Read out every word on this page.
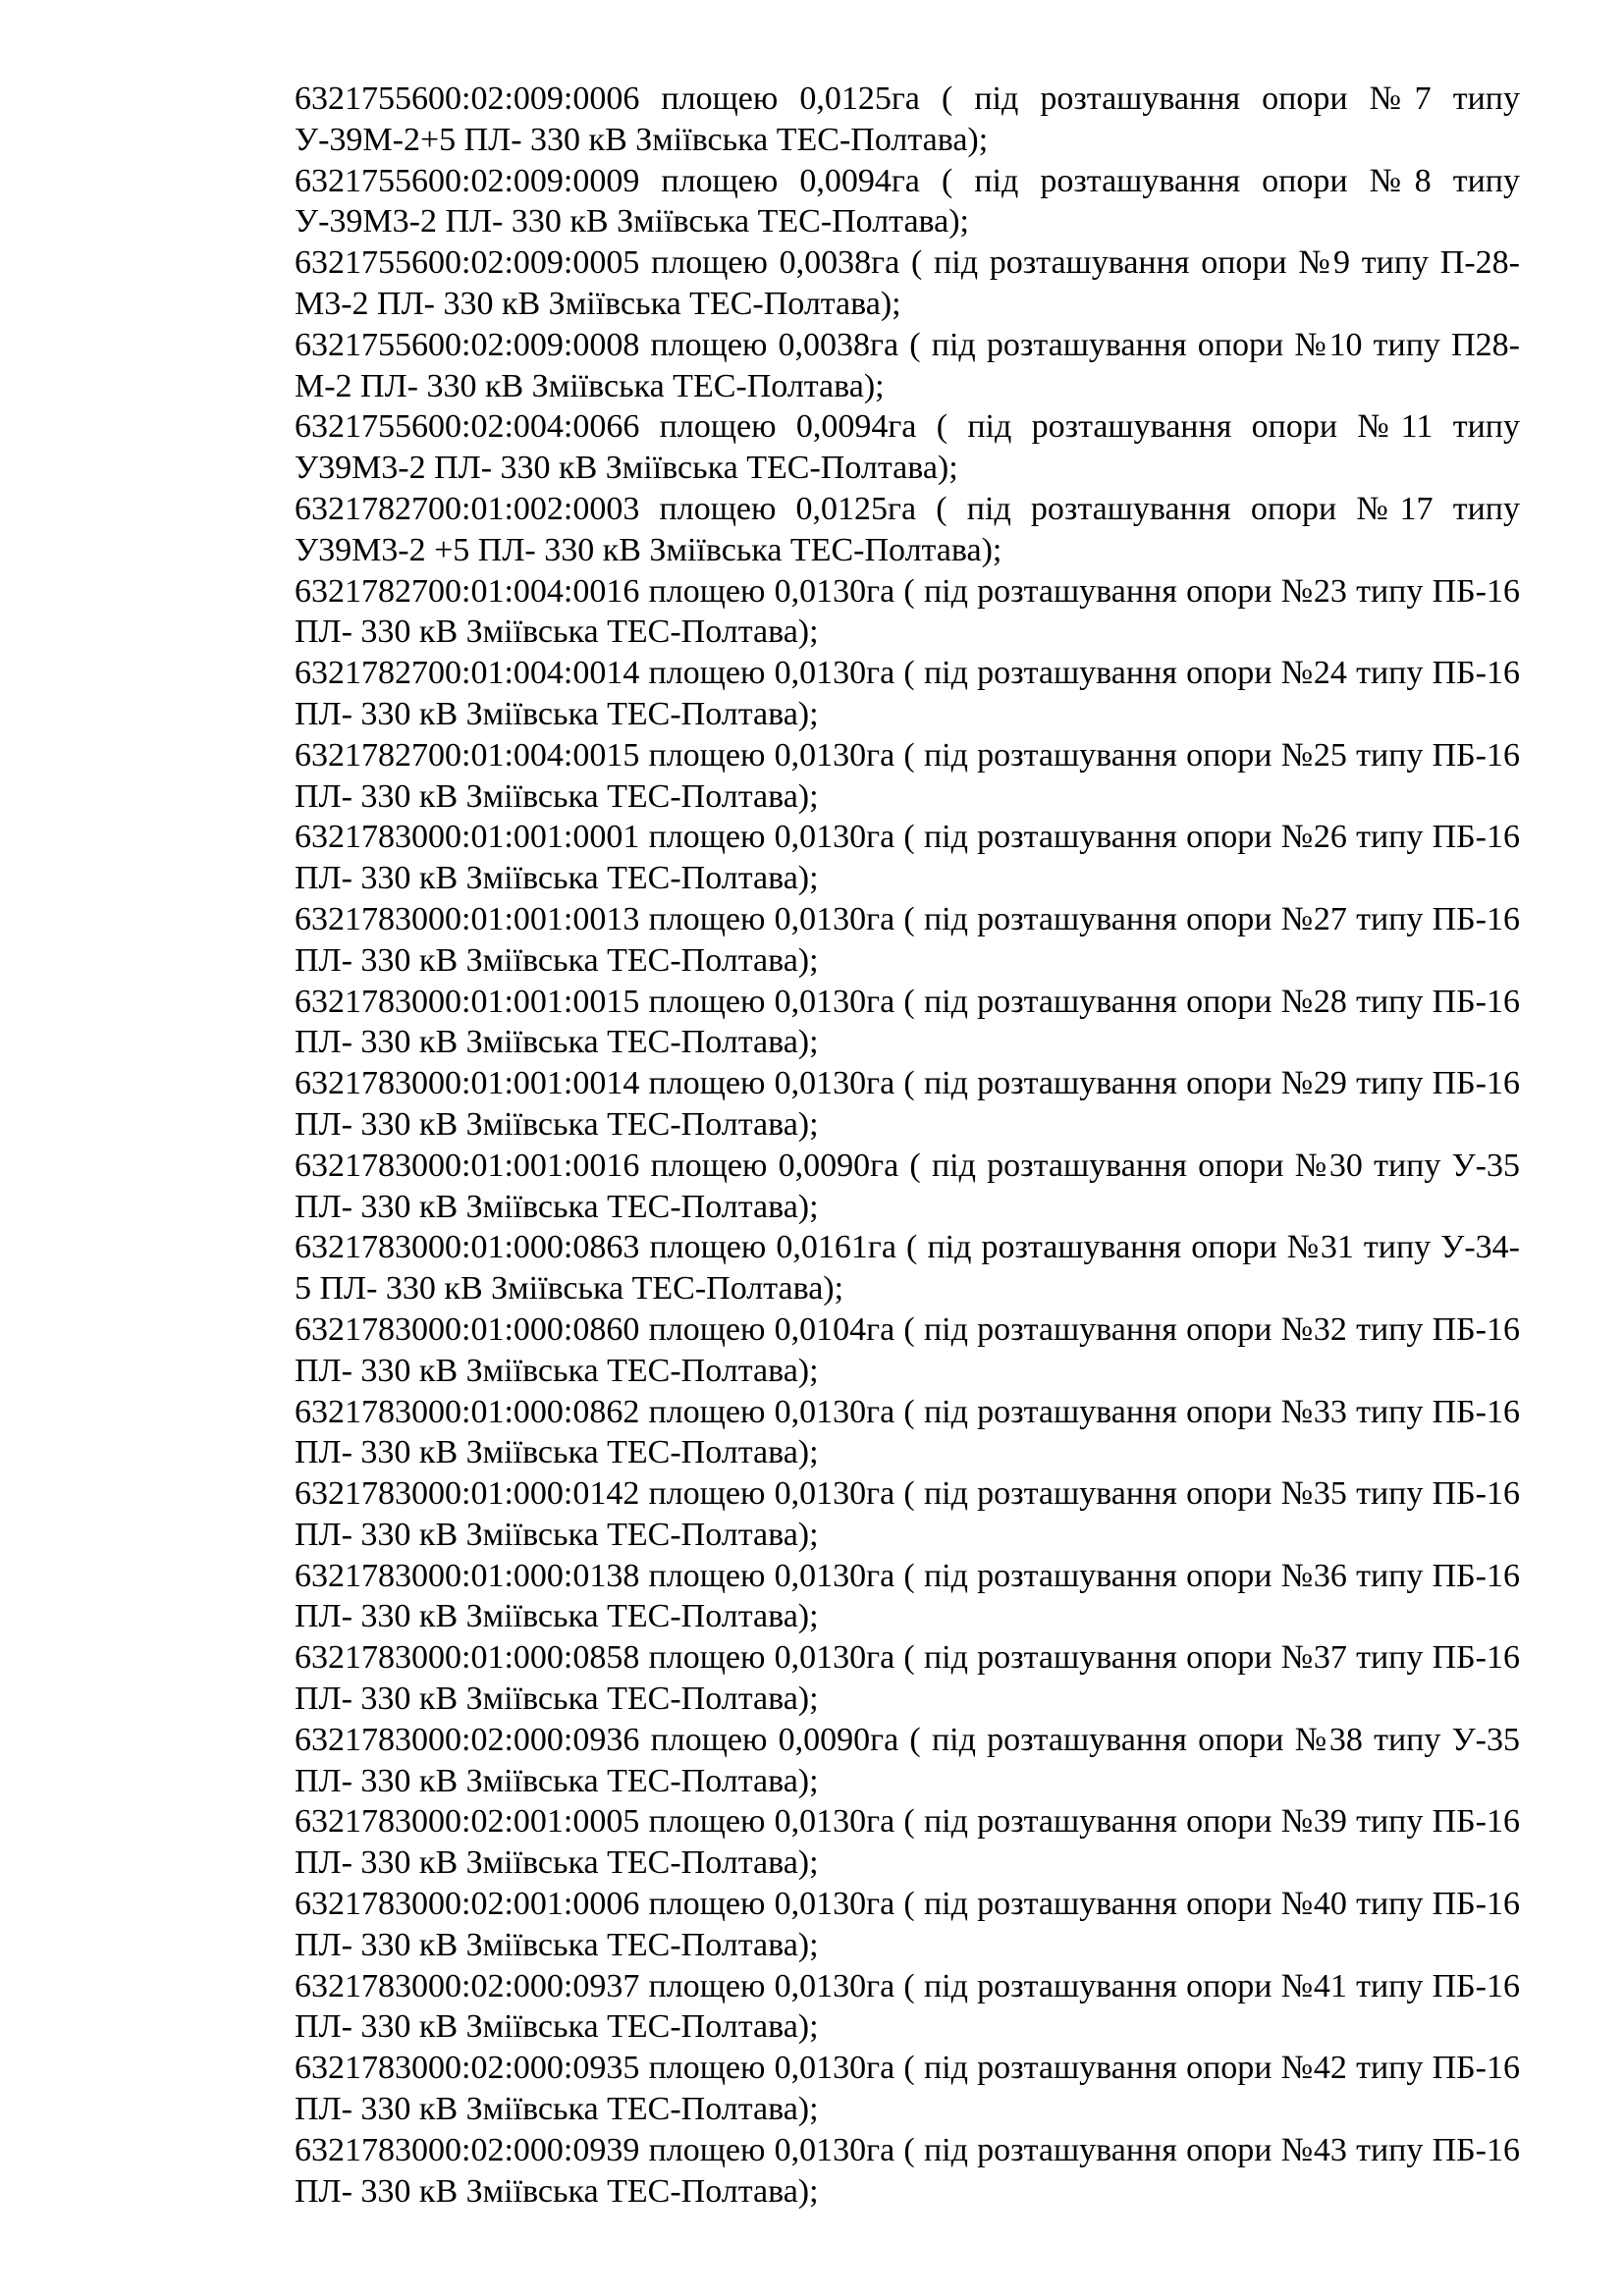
6321755600:02:009:0006 площею 0,0125га ( під розташування опори №7 типу У-39М-2+5 ПЛ- 330 кВ Зміївська ТЕС-Полтава);

6321755600:02:009:0009 площею 0,0094га ( під розташування опори №8 типу У-39М3-2 ПЛ- 330 кВ Зміївська ТЕС-Полтава);

6321755600:02:009:0005 площею 0,0038га ( під розташування опори №9 типу П-28-М3-2 ПЛ- 330 кВ Зміївська ТЕС-Полтава);

6321755600:02:009:0008 площею 0,0038га ( під розташування опори №10 типу П28-М-2 ПЛ- 330 кВ Зміївська ТЕС-Полтава);

6321755600:02:004:0066 площею 0,0094га ( під розташування опори №11 типу У39М3-2 ПЛ- 330 кВ Зміївська ТЕС-Полтава);

6321782700:01:002:0003 площею 0,0125га ( під розташування опори №17 типу У39М3-2 +5 ПЛ- 330 кВ Зміївська ТЕС-Полтава);

6321782700:01:004:0016 площею 0,0130га ( під розташування опори №23 типу ПБ-16 ПЛ- 330 кВ Зміївська ТЕС-Полтава);

6321782700:01:004:0014 площею 0,0130га ( під розташування опори №24 типу ПБ-16 ПЛ- 330 кВ Зміївська ТЕС-Полтава);

6321782700:01:004:0015 площею 0,0130га ( під розташування опори №25 типу ПБ-16 ПЛ- 330 кВ Зміївська ТЕС-Полтава);

6321783000:01:001:0001 площею 0,0130га ( під розташування опори №26 типу ПБ-16 ПЛ- 330 кВ Зміївська ТЕС-Полтава);

6321783000:01:001:0013 площею 0,0130га ( під розташування опори №27 типу ПБ-16 ПЛ- 330 кВ Зміївська ТЕС-Полтава);

6321783000:01:001:0015 площею 0,0130га ( під розташування опори №28 типу ПБ-16 ПЛ- 330 кВ Зміївська ТЕС-Полтава);

6321783000:01:001:0014 площею 0,0130га ( під розташування опори №29 типу ПБ-16 ПЛ- 330 кВ Зміївська ТЕС-Полтава);

6321783000:01:001:0016 площею 0,0090га ( під розташування опори №30 типу У-35 ПЛ- 330 кВ Зміївська ТЕС-Полтава);

6321783000:01:000:0863 площею 0,0161га ( під розташування опори №31 типу У-34-5 ПЛ- 330 кВ Зміївська ТЕС-Полтава);

6321783000:01:000:0860 площею 0,0104га ( під розташування опори №32 типу ПБ-16 ПЛ- 330 кВ Зміївська ТЕС-Полтава);

6321783000:01:000:0862 площею 0,0130га ( під розташування опори №33 типу ПБ-16 ПЛ- 330 кВ Зміївська ТЕС-Полтава);

6321783000:01:000:0142 площею 0,0130га ( під розташування опори №35 типу ПБ-16 ПЛ- 330 кВ Зміївська ТЕС-Полтава);

6321783000:01:000:0138 площею 0,0130га ( під розташування опори №36 типу ПБ-16 ПЛ- 330 кВ Зміївська ТЕС-Полтава);

6321783000:01:000:0858 площею 0,0130га ( під розташування опори №37 типу ПБ-16 ПЛ- 330 кВ Зміївська ТЕС-Полтава);

6321783000:02:000:0936 площею 0,0090га ( під розташування опори №38 типу У-35 ПЛ- 330 кВ Зміївська ТЕС-Полтава);

6321783000:02:001:0005 площею 0,0130га ( під розташування опори №39 типу ПБ-16 ПЛ- 330 кВ Зміївська ТЕС-Полтава);

6321783000:02:001:0006 площею 0,0130га ( під розташування опори №40 типу ПБ-16 ПЛ- 330 кВ Зміївська ТЕС-Полтава);

6321783000:02:000:0937 площею 0,0130га ( під розташування опори №41 типу ПБ-16 ПЛ- 330 кВ Зміївська ТЕС-Полтава);

6321783000:02:000:0935 площею 0,0130га ( під розташування опори №42 типу ПБ-16 ПЛ- 330 кВ Зміївська ТЕС-Полтава);

6321783000:02:000:0939 площею 0,0130га ( під розташування опори №43 типу ПБ-16 ПЛ- 330 кВ Зміївська ТЕС-Полтава);
